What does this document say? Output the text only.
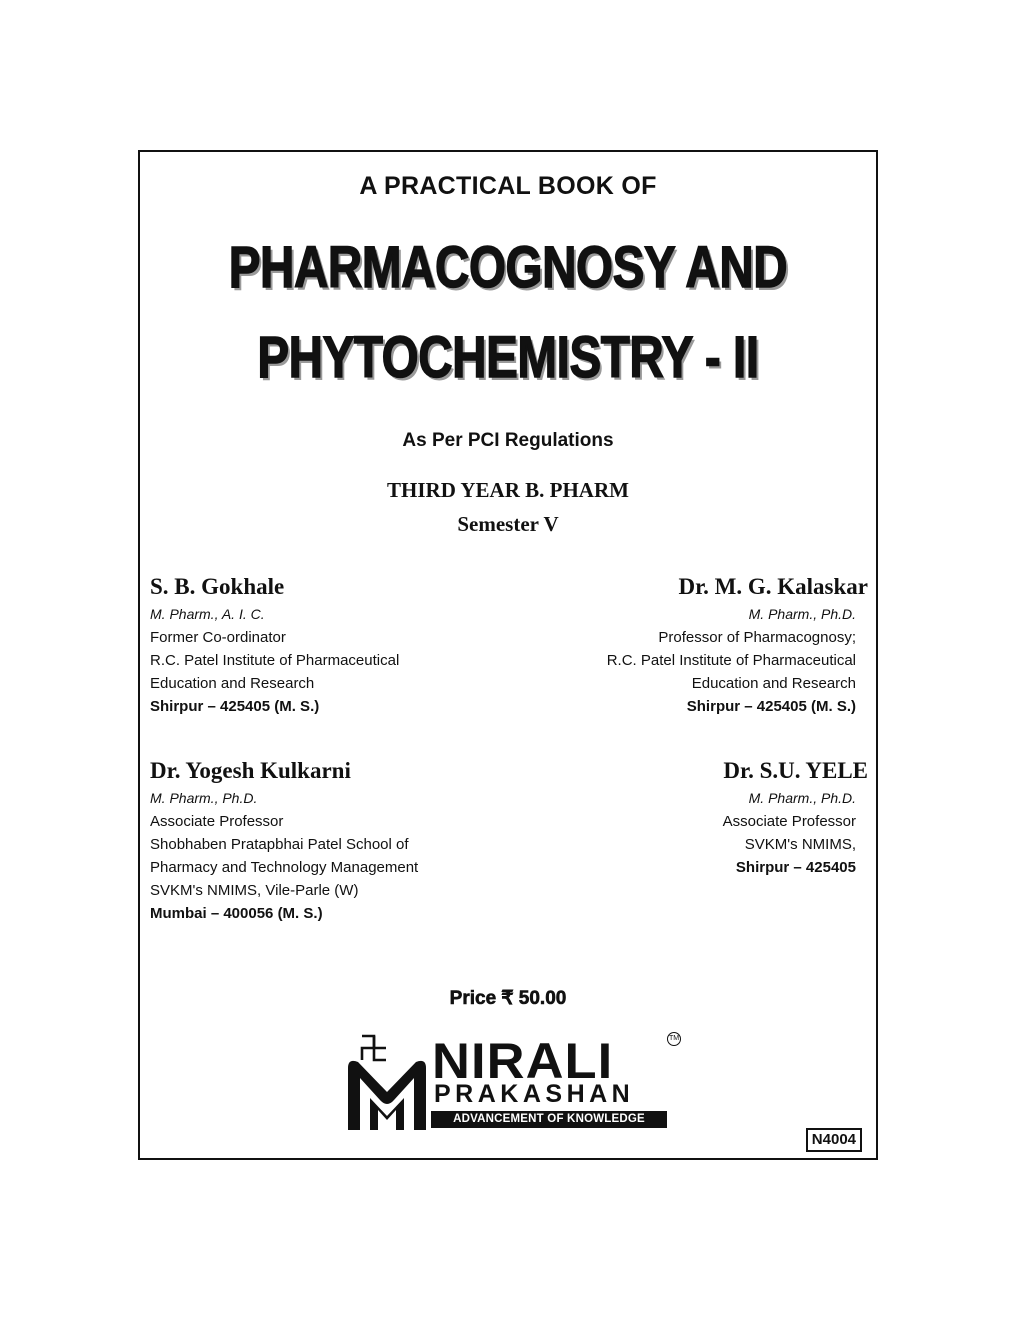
A PRACTICAL BOOK OF
PHARMACOGNOSY AND
PHYTOCHEMISTRY - II
As Per PCI Regulations
THIRD YEAR B. PHARM
Semester V
S. B. Gokhale
M. Pharm., A. I. C.
Former Co-ordinator
R.C. Patel Institute of Pharmaceutical
Education and Research
Shirpur – 425405 (M. S.)
Dr. M. G. Kalaskar
M. Pharm., Ph.D.
Professor of Pharmacognosy;
R.C. Patel Institute of Pharmaceutical
Education and Research
Shirpur – 425405 (M. S.)
Dr. Yogesh Kulkarni
M. Pharm., Ph.D.
Associate Professor
Shobhaben Pratapbhai Patel School of
Pharmacy and Technology Management
SVKM's NMIMS, Vile-Parle (W)
Mumbai – 400056 (M. S.)
Dr. S.U. YELE
M. Pharm., Ph.D.
Associate Professor
SVKM's NMIMS,
Shirpur – 425405
Price ₹ 50.00
NIRALI	TM
PRAKASHAN
ADVANCEMENT OF KNOWLEDGE
N4004
